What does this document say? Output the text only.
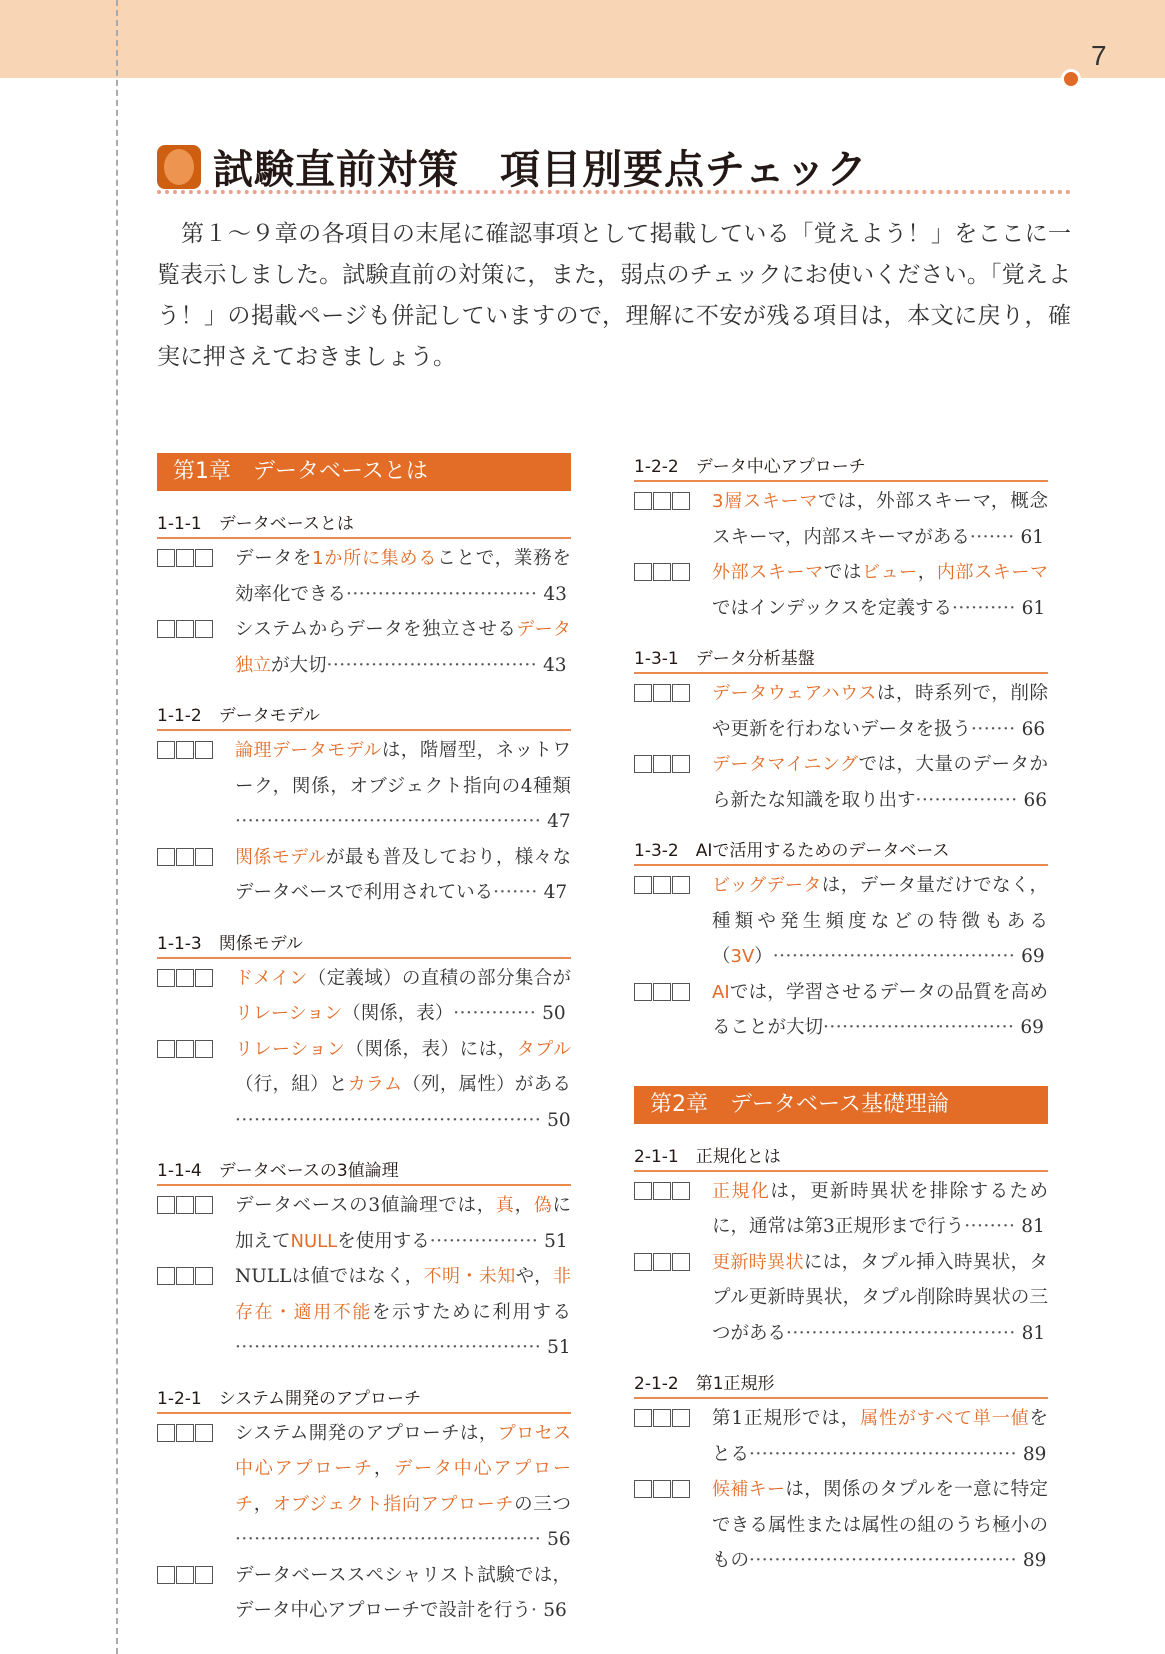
7
試験直前対策　項目別要点チェック

第１～９章の各項目の末尾に確認事項として掲載している「覚えよう！」をここに一覧表示しました。試験直前の対策に，また，弱点のチェックにお使いください。「覚えよう！」の掲載ページも併記していますので，理解に不安が残る項目は，本文に戻り，確実に押さえておきましょう。

第1章　データベースとは
1-1-1　データベースとは
データを1か所に集めることで，業務を効率化できる······························ 43
システムからデータを独立させるデータ独立が大切································· 43
1-1-2　データモデル
論理データモデルは，階層型，ネットワーク，関係，オブジェクト指向の4種類················································ 47
関係モデルが最も普及しており，様々なデータベースで利用されている······· 47
1-1-3　関係モデル
ドメイン（定義域）の直積の部分集合がリレーション（関係，表）············· 50
リレーション（関係，表）には，タプル（行，組）とカラム（列，属性）がある················································ 50
1-1-4　データベースの3値論理
データベースの3値論理では，真，偽に加えてNULLを使用する················· 51
NULLは値ではなく，不明・未知や，非存在・適用不能を示すために利用する················································ 51
1-2-1　システム開発のアプローチ
システム開発のアプローチは，プロセス中心アプローチ，データ中心アプローチ，オブジェクト指向アプローチの三つ················································ 56
データベーススペシャリスト試験では，データ中心アプローチで設計を行う· 56
1-2-2　データ中心アプローチ
3層スキーマでは，外部スキーマ，概念スキーマ，内部スキーマがある······· 61
外部スキーマではビュー，内部スキーマではインデックスを定義する·········· 61
1-3-1　データ分析基盤
データウェアハウスは，時系列で，削除や更新を行わないデータを扱う······· 66
データマイニングでは，大量のデータから新たな知識を取り出す················ 66
1-3-2　AIで活用するためのデータベース
ビッグデータは，データ量だけでなく，種類や発生頻度などの特徴もある（3V）······································ 69
AIでは，学習させるデータの品質を高めることが大切······························ 69
第2章　データベース基礎理論
2-1-1　正規化とは
正規化は，更新時異状を排除するために，通常は第3正規形まで行う········ 81
更新時異状には，タプル挿入時異状，タプル更新時異状，タプル削除時異状の三つがある···································· 81
2-1-2　第1正規形
第1正規形では，属性がすべて単一値をとる·········································· 89
候補キーは，関係のタプルを一意に特定できる属性または属性の組のうち極小のもの·········································· 89
